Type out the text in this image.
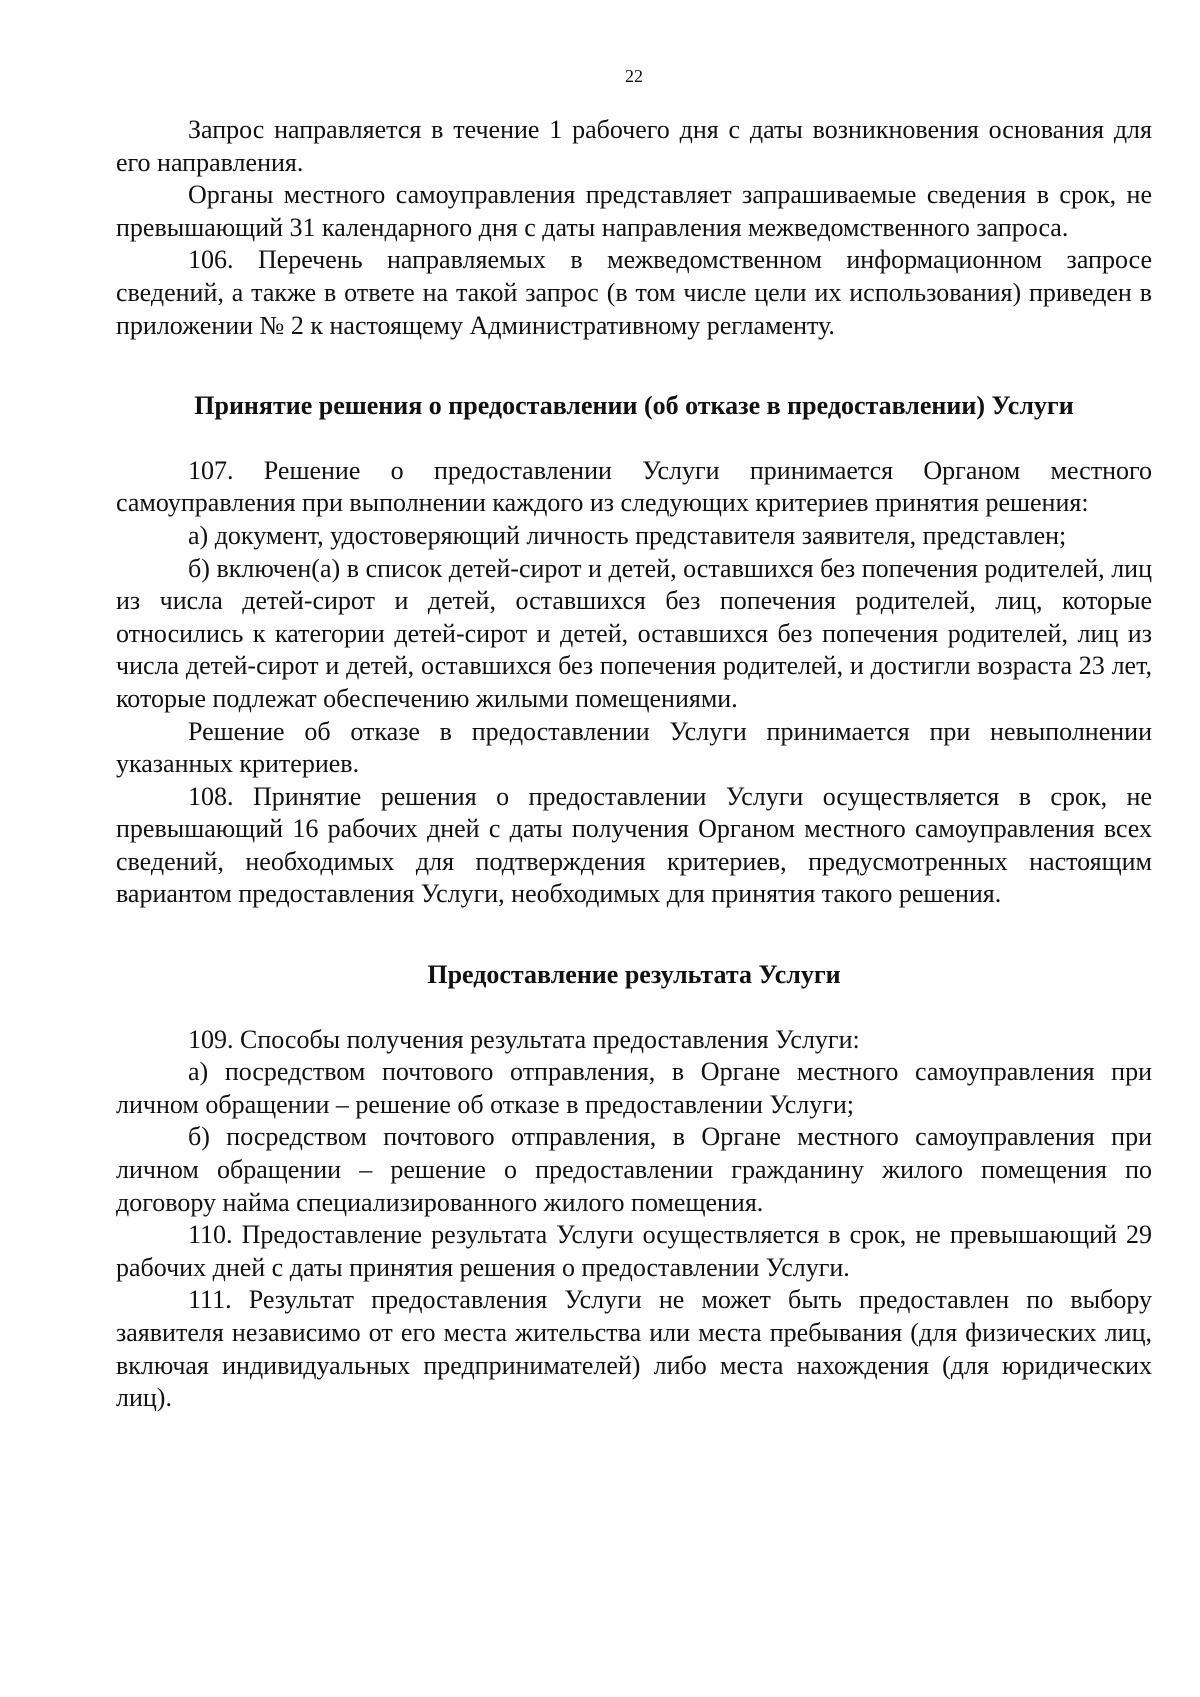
22

Запрос направляется в течение 1 рабочего дня с даты возникновения основания для его направления.

Органы местного самоуправления представляет запрашиваемые сведения в срок, не превышающий 31 календарного дня с даты направления межведомственного запроса.

106. Перечень направляемых в межведомственном информационном запросе сведений, а также в ответе на такой запрос (в том числе цели их использования) приведен в приложении № 2 к настоящему Административному регламенту.

Принятие решения о предоставлении (об отказе в предоставлении) Услуги

107. Решение о предоставлении Услуги принимается Органом местного самоуправления при выполнении каждого из следующих критериев принятия решения:

а) документ, удостоверяющий личность представителя заявителя, представлен;

б) включен(а) в список детей-сирот и детей, оставшихся без попечения родителей, лиц из числа детей-сирот и детей, оставшихся без попечения родителей, лиц, которые относились к категории детей-сирот и детей, оставшихся без попечения родителей, лиц из числа детей-сирот и детей, оставшихся без попечения родителей, и достигли возраста 23 лет, которые подлежат обеспечению жилыми помещениями.

Решение об отказе в предоставлении Услуги принимается при невыполнении указанных критериев.

108. Принятие решения о предоставлении Услуги осуществляется в срок, не превышающий 16 рабочих дней с даты получения Органом местного самоуправления всех сведений, необходимых для подтверждения критериев, предусмотренных настоящим вариантом предоставления Услуги, необходимых для принятия такого решения.

Предоставление результата Услуги

109. Способы получения результата предоставления Услуги:

а) посредством почтового отправления, в Органе местного самоуправления при личном обращении – решение об отказе в предоставлении Услуги;

б) посредством почтового отправления, в Органе местного самоуправления при личном обращении – решение о предоставлении гражданину жилого помещения по договору найма специализированного жилого помещения.

110. Предоставление результата Услуги осуществляется в срок, не превышающий 29 рабочих дней с даты принятия решения о предоставлении Услуги.

111. Результат предоставления Услуги не может быть предоставлен по выбору заявителя независимо от его места жительства или места пребывания (для физических лиц, включая индивидуальных предпринимателей) либо места нахождения (для юридических лиц).
